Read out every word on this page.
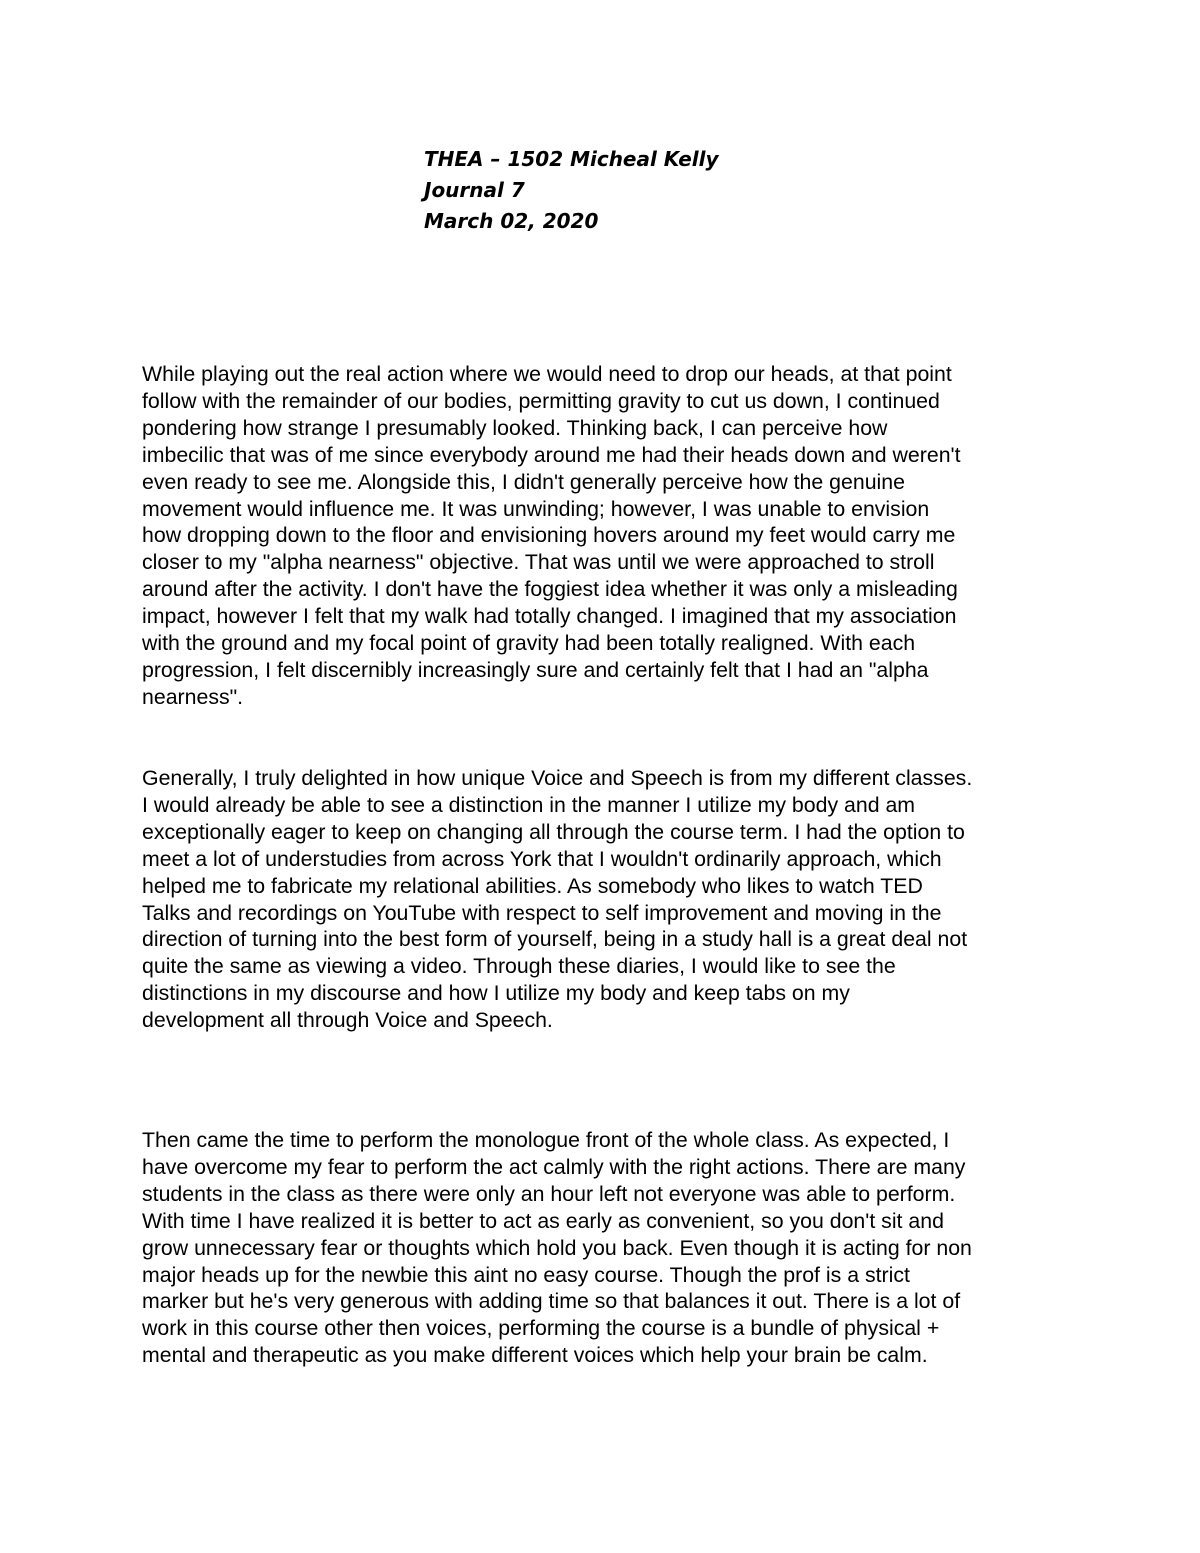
THEA – 1502 Micheal Kelly
Journal 7
March 02, 2020

While playing out the real action where we would need to drop our heads, at that point
follow with the remainder of our bodies, permitting gravity to cut us down, I continued
pondering how strange I presumably looked. Thinking back, I can perceive how
imbecilic that was of me since everybody around me had their heads down and weren't
even ready to see me. Alongside this, I didn't generally perceive how the genuine
movement would influence me. It was unwinding; however, I was unable to envision
how dropping down to the floor and envisioning hovers around my feet would carry me
closer to my "alpha nearness" objective. That was until we were approached to stroll
around after the activity. I don't have the foggiest idea whether it was only a misleading
impact, however I felt that my walk had totally changed. I imagined that my association
with the ground and my focal point of gravity had been totally realigned. With each
progression, I felt discernibly increasingly sure and certainly felt that I had an "alpha
nearness".

Generally, I truly delighted in how unique Voice and Speech is from my different classes.
I would already be able to see a distinction in the manner I utilize my body and am
exceptionally eager to keep on changing all through the course term. I had the option to
meet a lot of understudies from across York that I wouldn't ordinarily approach, which
helped me to fabricate my relational abilities. As somebody who likes to watch TED
Talks and recordings on YouTube with respect to self improvement and moving in the
direction of turning into the best form of yourself, being in a study hall is a great deal not
quite the same as viewing a video. Through these diaries, I would like to see the
distinctions in my discourse and how I utilize my body and keep tabs on my
development all through Voice and Speech.

Then came the time to perform the monologue front of the whole class. As expected, I
have overcome my fear to perform the act calmly with the right actions. There are many
students in the class as there were only an hour left not everyone was able to perform.
With time I have realized it is better to act as early as convenient, so you don't sit and
grow unnecessary fear or thoughts which hold you back. Even though it is acting for non
major heads up for the newbie this aint no easy course. Though the prof is a strict
marker but he's very generous with adding time so that balances it out. There is a lot of
work in this course other then voices, performing the course is a bundle of physical +
mental and therapeutic as you make different voices which help your brain be calm.
